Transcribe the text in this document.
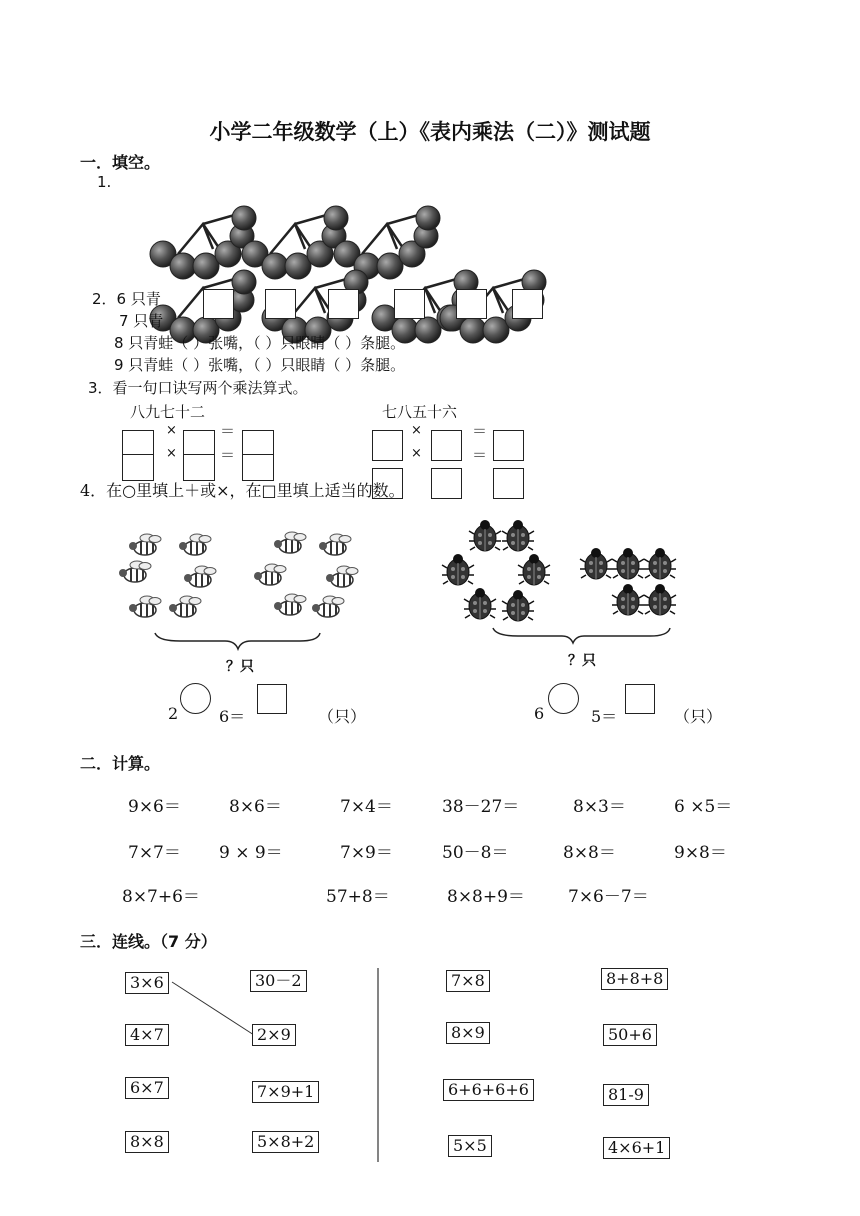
小学二年级数学（上）《表内乘法（二）》测试题
一．填空。
1.
2．6 只青
7 只青
8 只青蛙（ ）张嘴，（ ）只眼睛（ ）条腿。
9 只青蛙（ ）张嘴，（ ）只眼睛（ ）条腿。
3．看一句口诀写两个乘法算式。
八九七十二	七八五十六
×
×
＝
＝
×
×
＝
＝
4．在○里填上＋或×，在□里填上适当的数。
？只	？只
2	6＝	（只）	6	5＝	（只）
二．计算。
9×6＝	8×6＝	7×4＝	38－27＝	8×3＝	6 ×5＝
7×7＝ 9 × 9＝	7×9＝	50－8＝	8×8＝	9×8＝
8×7+6＝	57+8＝	8×8+9＝	7×6－7＝
三．连线。（7 分）
3×6
4×7
6×7
8×8
30－2
2×9
7×9+1
5×8+2
7×8
8×9
6+6+6+6
5×5
8+8+8
50+6
81-9
4×6+1
